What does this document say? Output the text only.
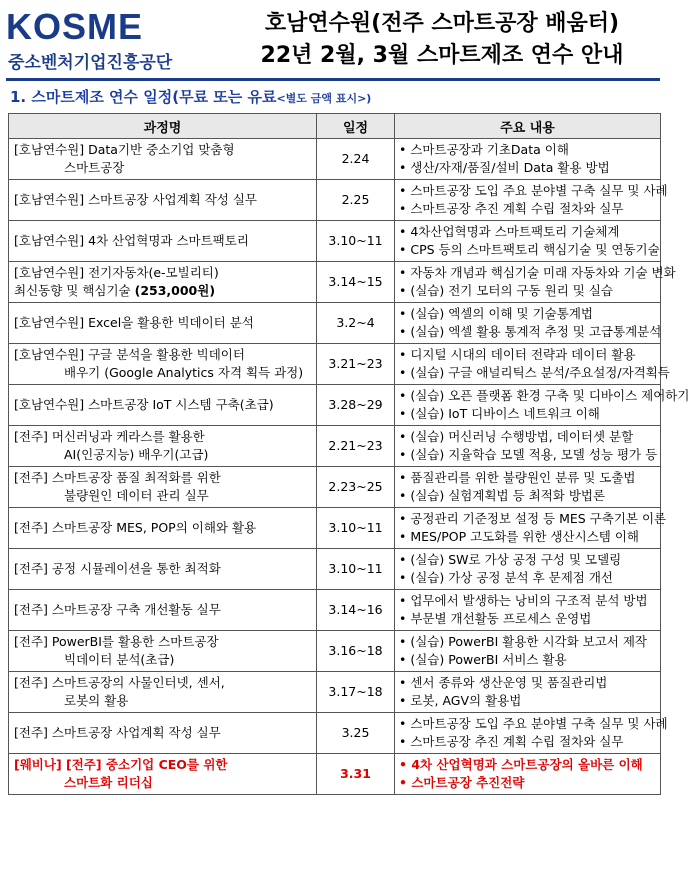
KOSME
중소벤처기업진흥공단
호남연수원(전주 스마트공장 배움터)
22년 2월, 3월 스마트제조 연수 안내
1. 스마트제조 연수 일정(무료 또는 유료<별도 금액 표시>)
과정명	일정	주요 내용

[호남연수원] Data기반 중소기업 맞춤형
스마트공장	2.24	• 스마트공장과 기초Data 이해
• 생산/자재/품질/설비 Data 활용 방법

[호남연수원] 스마트공장 사업계획 작성 실무	2.25	• 스마트공장 도입 주요 분야별 구축 실무 및 사례
• 스마트공장 추진 계획 수립 절차와 실무

[호남연수원] 4차 산업혁명과 스마트팩토리	3.10~11	• 4차산업혁명과 스마트팩토리 기술체계
• CPS 등의 스마트팩토리 핵심기술 및 연동기술

[호남연수원] 전기자동차(e-모빌리티)
최신동향 및 핵심기술 (253,000원)	3.14~15	• 자동차 개념과 핵심기술 미래 자동차와 기술 변화
• (실습) 전기 모터의 구동 원리 및 실습

[호남연수원] Excel을 활용한 빅데이터 분석	3.2~4	• (실습) 엑셀의 이해 및 기술통계법
• (실습) 엑셀 활용 통계적 추정 및 고급통계분석

[호남연수원] 구글 분석을 활용한 빅데이터
배우기 (Google Analytics 자격 획득 과정)	3.21~23	• 디지털 시대의 데이터 전략과 데이터 활용
• (실습) 구글 애널리틱스 분석/주요설정/자격획득

[호남연수원] 스마트공장 IoT 시스템 구축(초급)	3.28~29	• (실습) 오픈 플랫폼 환경 구축 및 디바이스 제어하기
• (실습) IoT 디바이스 네트워크 이해

[전주] 머신러닝과 케라스를 활용한
AI(인공지능) 배우기(고급)	2.21~23	• (실습) 머신러닝 수행방법, 데이터셋 분할
• (실습) 지율학습 모델 적용, 모델 성능 평가 등

[전주] 스마트공장 품질 최적화를 위한
불량원인 데이터 관리 실무	2.23~25	• 품질관리를 위한 불량원인 분류 및 도출법
• (실습) 실험계획법 등 최적화 방법론

[전주] 스마트공장 MES, POP의 이해와 활용	3.10~11	• 공정관리 기준정보 설정 등 MES 구축기본 이론
• MES/POP 고도화를 위한 생산시스템 이해

[전주] 공정 시뮬레이션을 통한 최적화	3.10~11	• (실습) SW로 가상 공정 구성 및 모델링
• (실습) 가상 공정 분석 후 문제점 개선

[전주] 스마트공장 구축 개선활동 실무	3.14~16	• 업무에서 발생하는 낭비의 구조적 분석 방법
• 부문별 개선활동 프로세스 운영법

[전주] PowerBI를 활용한 스마트공장
빅데이터 분석(초급)	3.16~18	• (실습) PowerBI 활용한 시각화 보고서 제작
• (실습) PowerBI 서비스 활용

[전주] 스마트공장의 사물인터넷, 센서,
로봇의 활용	3.17~18	• 센서 종류와 생산운영 및 품질관리법
• 로봇, AGV의 활용법

[전주] 스마트공장 사업계획 작성 실무	3.25	• 스마트공장 도입 주요 분야별 구축 실무 및 사례
• 스마트공장 추진 계획 수립 절차와 실무

[웨비나] [전주] 중소기업 CEO를 위한
스마트화 리더십	3.31	• 4차 산업혁명과 스마트공장의 올바른 이해
• 스마트공장 추진전략
